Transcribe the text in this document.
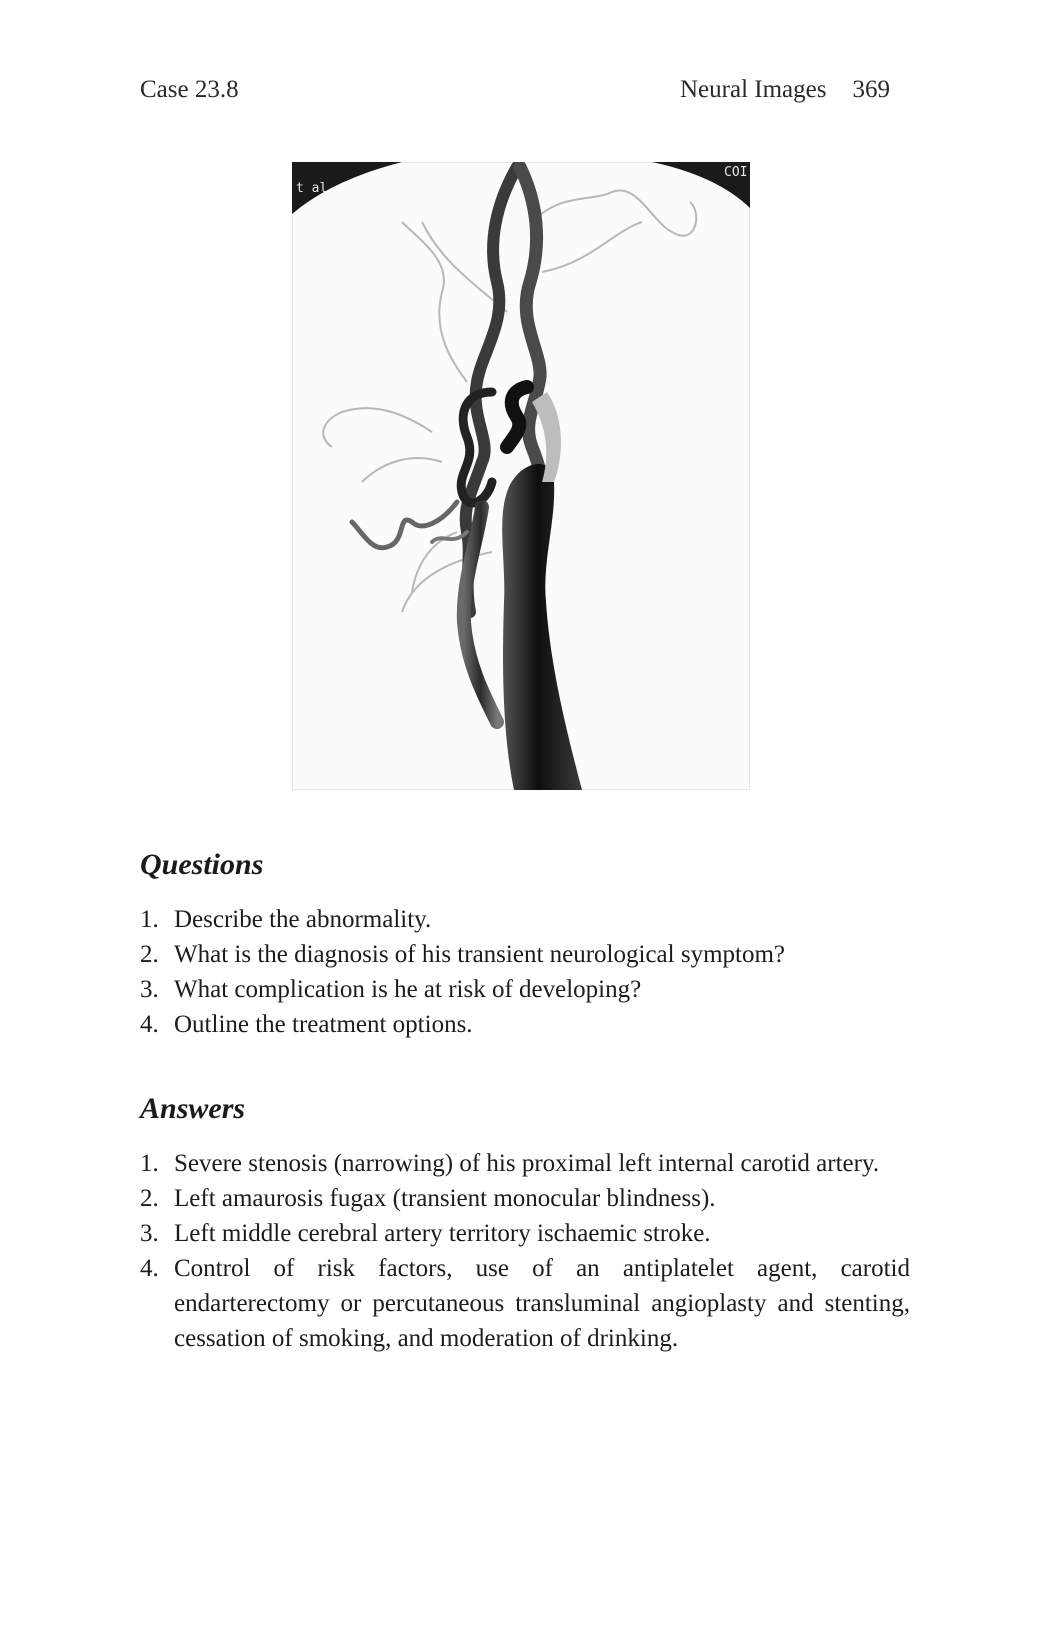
Case 23.8	Neural Images 369
t al
COI
Questions
1. Describe the abnormality.
2. What is the diagnosis of his transient neurological symptom?
3. What complication is he at risk of developing?
4. Outline the treatment options.
Answers
1. Severe stenosis (narrowing) of his proximal left internal carotid artery.
2. Left amaurosis fugax (transient monocular blindness).
3. Left middle cerebral artery territory ischaemic stroke.
4. Control of risk factors, use of an antiplatelet agent, carotid endarterectomy or percutaneous transluminal angioplasty and stenting, cessation of smoking, and moderation of drinking.
